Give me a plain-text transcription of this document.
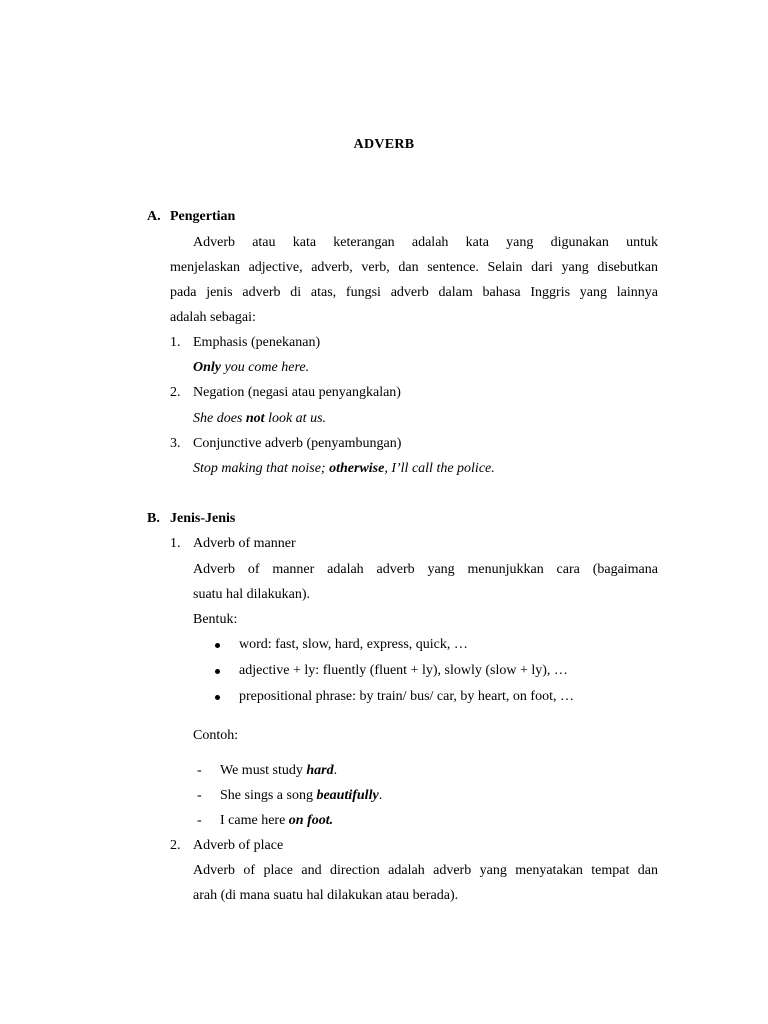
ADVERB
A. Pengertian
Adverb atau kata keterangan adalah kata yang digunakan untuk
menjelaskan adjective, adverb, verb, dan sentence. Selain dari yang disebutkan
pada jenis adverb di atas, fungsi adverb dalam bahasa Inggris yang lainnya
adalah sebagai:
1. Emphasis (penekanan)
Only you come here.
2. Negation (negasi atau penyangkalan)
She does not look at us.
3. Conjunctive adverb (penyambungan)
Stop making that noise; otherwise, I’ll call the police.
B. Jenis-Jenis
1. Adverb of manner
Adverb of manner adalah adverb yang menunjukkan cara (bagaimana
suatu hal dilakukan).
Bentuk:
word: fast, slow, hard, express, quick, …
adjective + ly: fluently (fluent + ly), slowly (slow + ly), …
prepositional phrase: by train/ bus/ car, by heart, on foot, …
Contoh:
- We must study hard.
- She sings a song beautifully.
- I came here on foot.
2. Adverb of place
Adverb of place and direction adalah adverb yang menyatakan tempat dan
arah (di mana suatu hal dilakukan atau berada).
